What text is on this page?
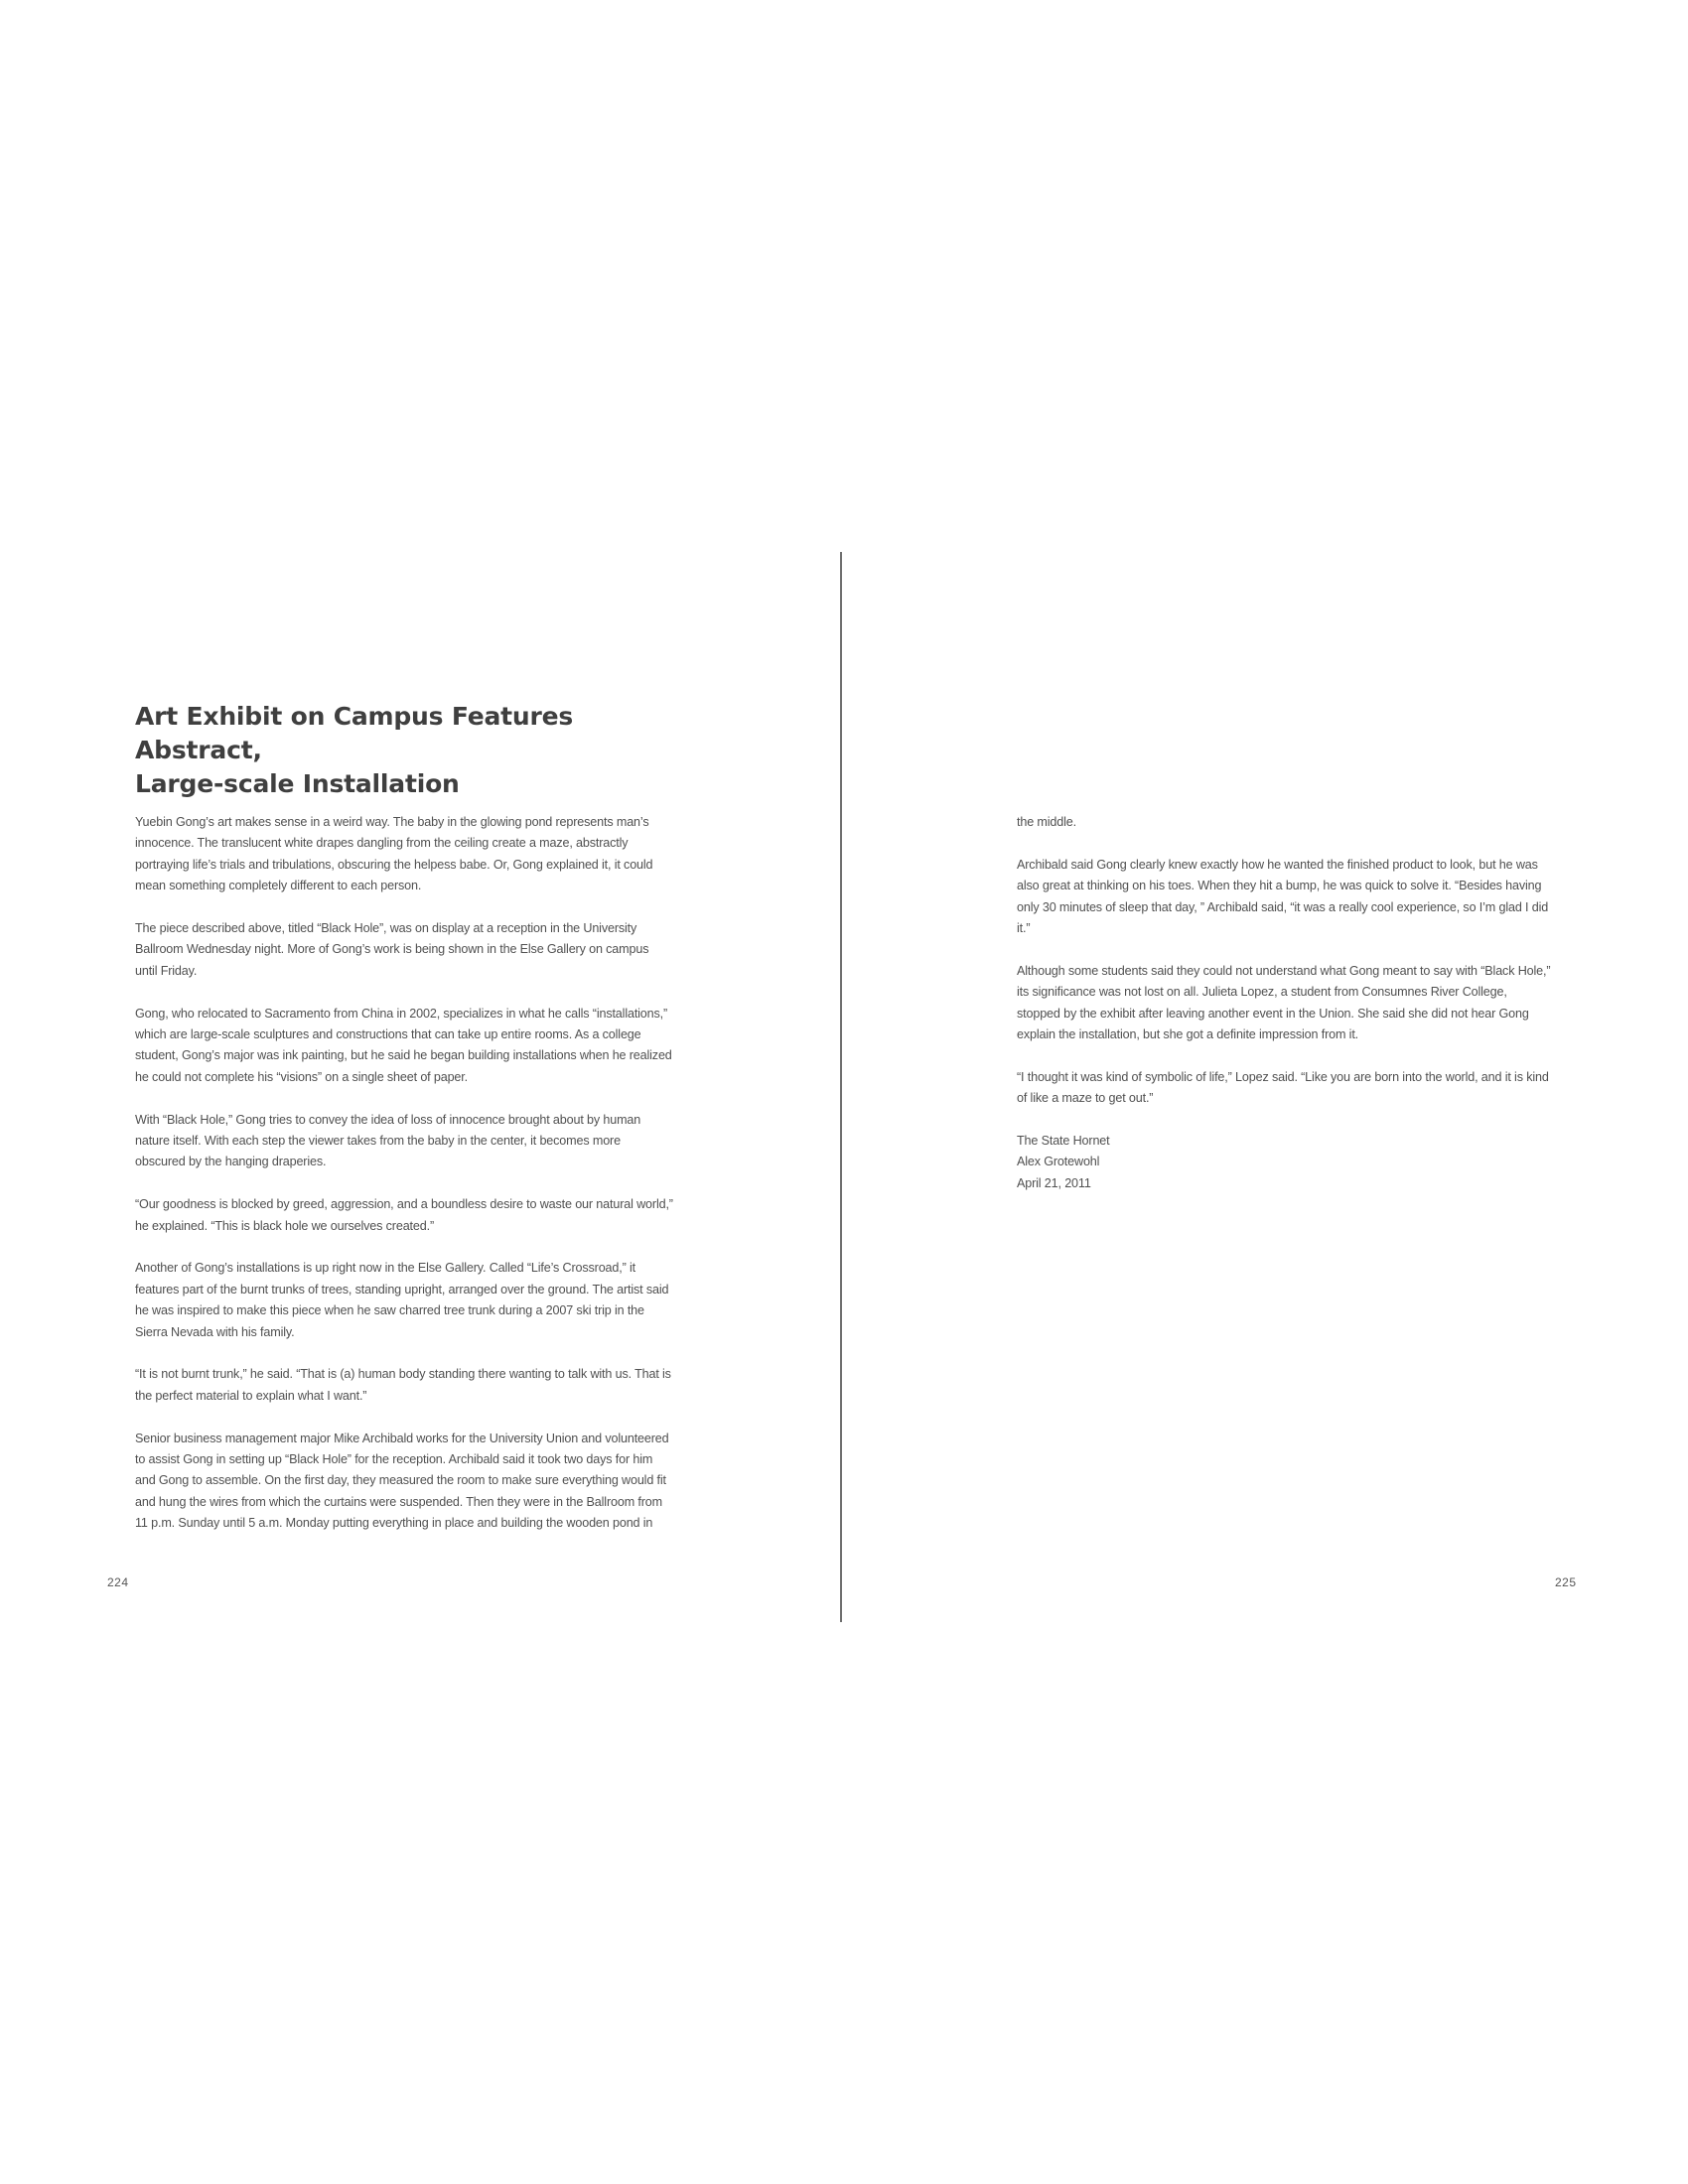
Art Exhibit on Campus Features Abstract,
Large-scale Installation

Yuebin Gong’s art makes sense in a weird way. The baby in the glowing pond represents man’s innocence. The translucent white drapes dangling from the ceiling create a maze, abstractly portraying life’s trials and tribulations, obscuring the helpess babe. Or, Gong explained it, it could mean something completely different to each person.

The piece described above, titled “Black Hole”, was on display at a reception in the University Ballroom Wednesday night. More of Gong’s work is being shown in the Else Gallery on campus until Friday.

Gong, who relocated to Sacramento from China in 2002, specializes in what he calls “installations,” which are large-scale sculptures and constructions that can take up entire rooms. As a college student, Gong’s major was ink painting, but he said he began building installations when he realized he could not complete his “visions” on a single sheet of paper.

With “Black Hole,” Gong tries to convey the idea of loss of innocence brought about by human nature itself. With each step the viewer takes from the baby in the center, it becomes more obscured by the hanging draperies.

“Our goodness is blocked by greed, aggression, and a boundless desire to waste our natural world,” he explained. “This is black hole we ourselves created.”

Another of Gong’s installations is up right now in the Else Gallery. Called “Life’s Crossroad,” it features part of the burnt trunks of trees, standing upright, arranged over the ground. The artist said he was inspired to make this piece when he saw charred tree trunk during a 2007 ski trip in the Sierra Nevada with his family.

“It is not burnt trunk,” he said. “That is (a) human body standing there wanting to talk with us. That is the perfect material to explain what I want.”

Senior business management major Mike Archibald works for the University Union and volunteered to assist Gong in setting up “Black Hole” for the reception. Archibald said it took two days for him and Gong to assemble. On the first day, they measured the room to make sure everything would fit and hung the wires from which the curtains were suspended. Then they were in the Ballroom from 11 p.m. Sunday until 5 a.m. Monday putting everything in place and building the wooden pond in

the middle.

Archibald said Gong clearly knew exactly how he wanted the finished product to look, but he was also great at thinking on his toes. When they hit a bump, he was quick to solve it. “Besides having only 30 minutes of sleep that day, ” Archibald said, “it was a really cool experience, so I’m glad I did it.”

Although some students said they could not understand what Gong meant to say with “Black Hole,” its significance was not lost on all. Julieta Lopez, a student from Consumnes River College, stopped by the exhibit after leaving another event in the Union. She said she did not hear Gong explain the installation, but she got a definite impression from it.

“I thought it was kind of symbolic of life,” Lopez said. “Like you are born into the world, and it is kind of like a maze to get out.”

The State Hornet
Alex Grotewohl
April 21, 2011
224	225
